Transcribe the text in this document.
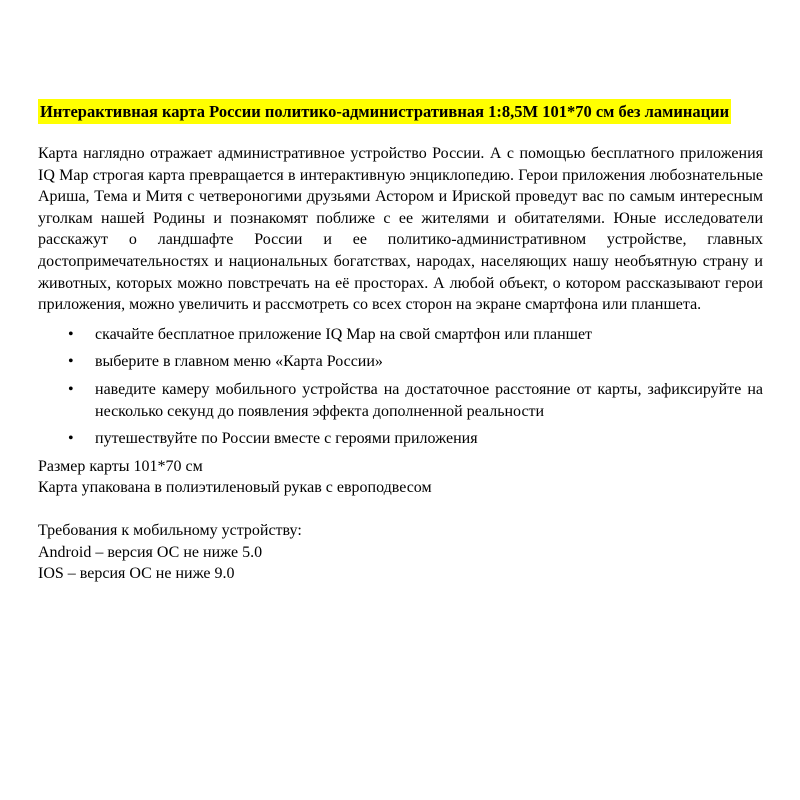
Интерактивная карта России политико-административная 1:8,5М 101*70 см без ламинации

Карта наглядно отражает административное устройство России. А с помощью бесплатного приложения IQ Map строгая карта превращается в интерактивную энциклопедию. Герои приложения любознательные Ариша, Тема и Митя с четвероногими друзьями Астором и Ириской проведут вас по самым интересным уголкам нашей Родины и познакомят поближе с ее жителями и обитателями. Юные исследователи расскажут о ландшафте России и ее политико-административном устройстве, главных достопримечательностях и национальных богатствах, народах, населяющих нашу необъятную страну и животных, которых можно повстречать на её просторах. А любой объект, о котором рассказывают герои приложения, можно увеличить и рассмотреть со всех сторон на экране смартфона или планшета.

• скачайте бесплатное приложение IQ Map на свой смартфон или планшет
• выберите в главном меню «Карта России»
• наведите камеру мобильного устройства на достаточное расстояние от карты, зафиксируйте на несколько секунд до появления эффекта дополненной реальности
• путешествуйте по России вместе с героями приложения
Размер карты 101*70 см
Карта упакована в полиэтиленовый рукав с европодвесом
Требования к мобильному устройству:
Android – версия ОС не ниже 5.0
IOS – версия ОС не ниже 9.0
